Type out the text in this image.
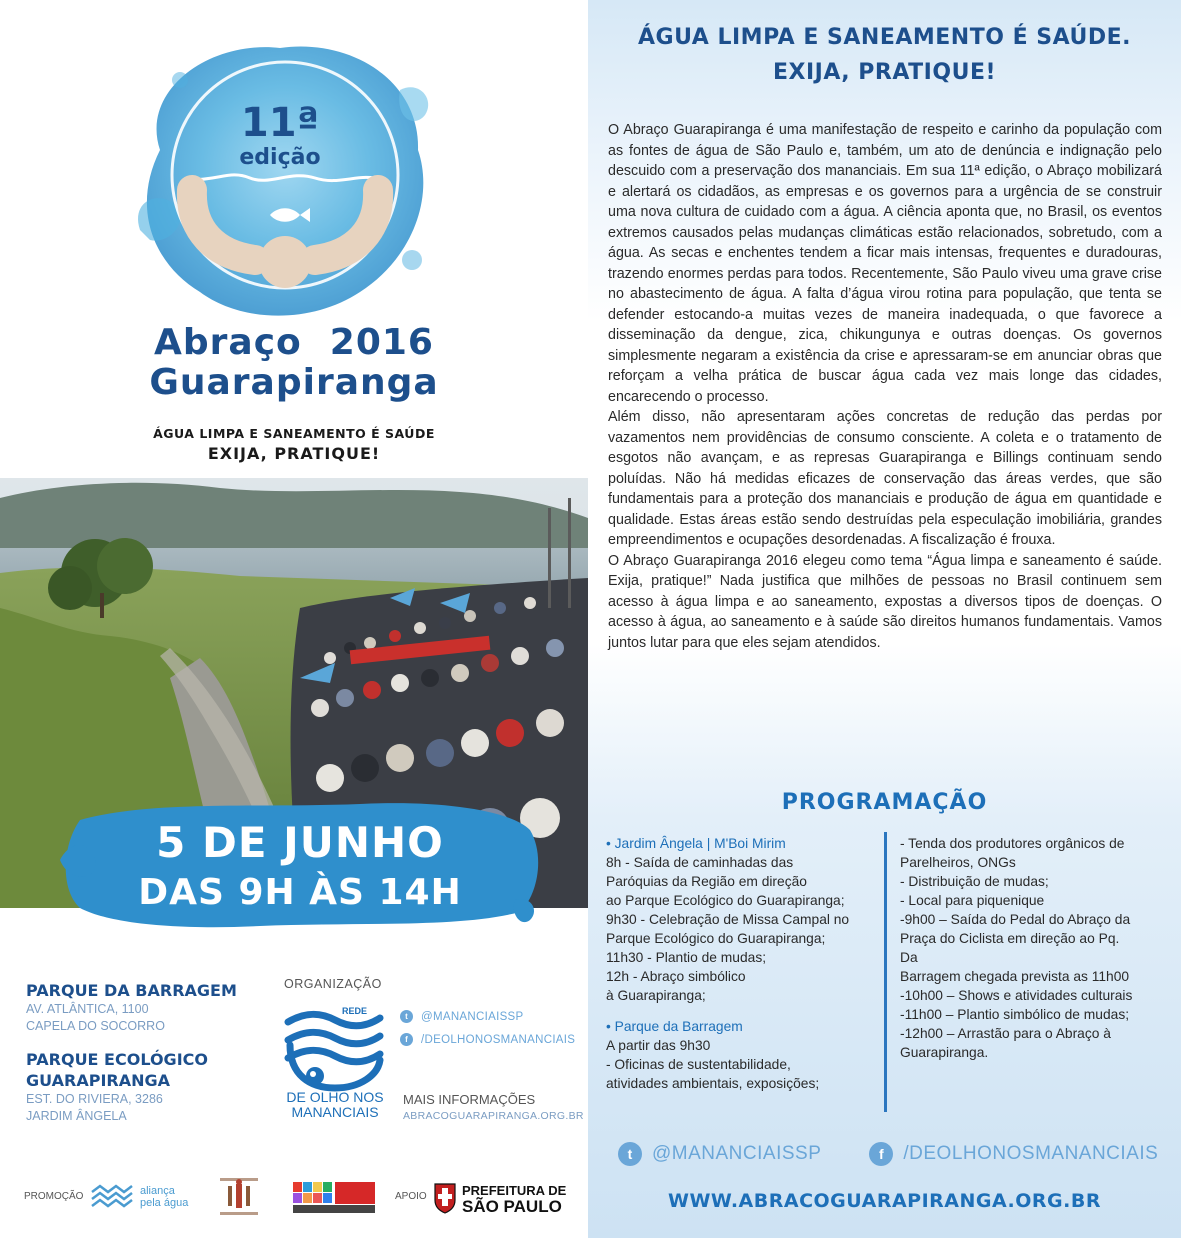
11ª
edição
Abraço 2016
Guarapiranga
ÁGUA LIMPA E SANEAMENTO É SAÚDE
EXIJA, PRATIQUE!
5 DE JUNHO
DAS 9H ÀS 14H
PARQUE DA BARRAGEM
AV. ATLÂNTICA, 1100
CAPELA DO SOCORRO
PARQUE ECOLÓGICO
GUARAPIRANGA
EST. DO RIVIERA, 3286
JARDIM ÂNGELA
ORGANIZAÇÃO
REDE
DE OLHO NOS
MANANCIAIS
t	@MANANCIAISSP
f	/DEOLHONOSMANANCIAIS
MAIS INFORMAÇÕES
ABRACOGUARAPIRANGA.ORG.BR
PROMOÇÃO	aliança
pela água
APOIO	PREFEITURA DE
SÃO PAULO
ÁGUA LIMPA E SANEAMENTO É SAÚDE.
EXIJA, PRATIQUE!

O Abraço Guarapiranga é uma manifestação de respeito e carinho da população com as fontes de água de São Paulo e, também, um ato de denúncia e indignação pelo descuido com a preservação dos mananciais. Em sua 11ª edição, o Abraço mobilizará e alertará os cidadãos, as empresas e os governos para a urgência de se construir uma nova cultura de cuidado com a água. A ciência aponta que, no Brasil, os eventos extremos causados pelas mudanças climáticas estão relacionados, sobretudo, com a água. As secas e enchentes tendem a ficar mais intensas, frequentes e duradouras, trazendo enormes perdas para todos. Recentemente, São Paulo viveu uma grave crise no abastecimento de água. A falta d’água virou rotina para população, que tenta se defender estocando-a muitas vezes de maneira inadequada, o que favorece a disseminação da dengue, zica, chikungunya e outras doenças. Os governos simplesmente negaram a existência da crise e apressaram-se em anunciar obras que reforçam a velha prática de buscar água cada vez mais longe das cidades, encarecendo o processo.

Além disso, não apresentaram ações concretas de redução das perdas por vazamentos nem providências de consumo consciente. A coleta e o tratamento de esgotos não avançam, e as represas Guarapiranga e Billings continuam sendo poluídas. Não há medidas eficazes de conservação das áreas verdes, que são fundamentais para a proteção dos mananciais e produção de água em quantidade e qualidade. Estas áreas estão sendo destruídas pela especulação imobiliária, grandes empreendimentos e ocupações desordenadas. A fiscalização é frouxa.

O Abraço Guarapiranga 2016 elegeu como tema “Água limpa e saneamento é saúde. Exija, pratique!” Nada justifica que milhões de pessoas no Brasil continuem sem acesso à água limpa e ao saneamento, expostas a diversos tipos de doenças. O acesso à água, ao saneamento e à saúde são direitos humanos fundamentais. Vamos juntos lutar para que eles sejam atendidos.

PROGRAMAÇÃO
• Jardim Ângela | M'Boi Mirim
8h - Saída de caminhadas das
Paróquias da Região em direção
ao Parque Ecológico do Guarapiranga;
9h30 - Celebração de Missa Campal no
Parque Ecológico do Guarapiranga;
11h30 - Plantio de mudas;
12h - Abraço simbólico
à Guarapiranga;
• Parque da Barragem
A partir das 9h30
- Oficinas de sustentabilidade,
atividades ambientais, exposições;
- Tenda dos produtores orgânicos de
Parelheiros, ONGs
- Distribuição de mudas;
- Local para piquenique
-9h00 – Saída do Pedal do Abraço da
Praça do Ciclista em direção ao Pq.
Da
Barragem chegada prevista as 11h00
-10h00 – Shows e atividades culturais
-11h00 – Plantio simbólico de mudas;
-12h00 – Arrastão para o Abraço à
Guarapiranga.
t	@MANANCIAISSP	f	/DEOLHONOSMANANCIAIS
WWW.ABRACOGUARAPIRANGA.ORG.BR
